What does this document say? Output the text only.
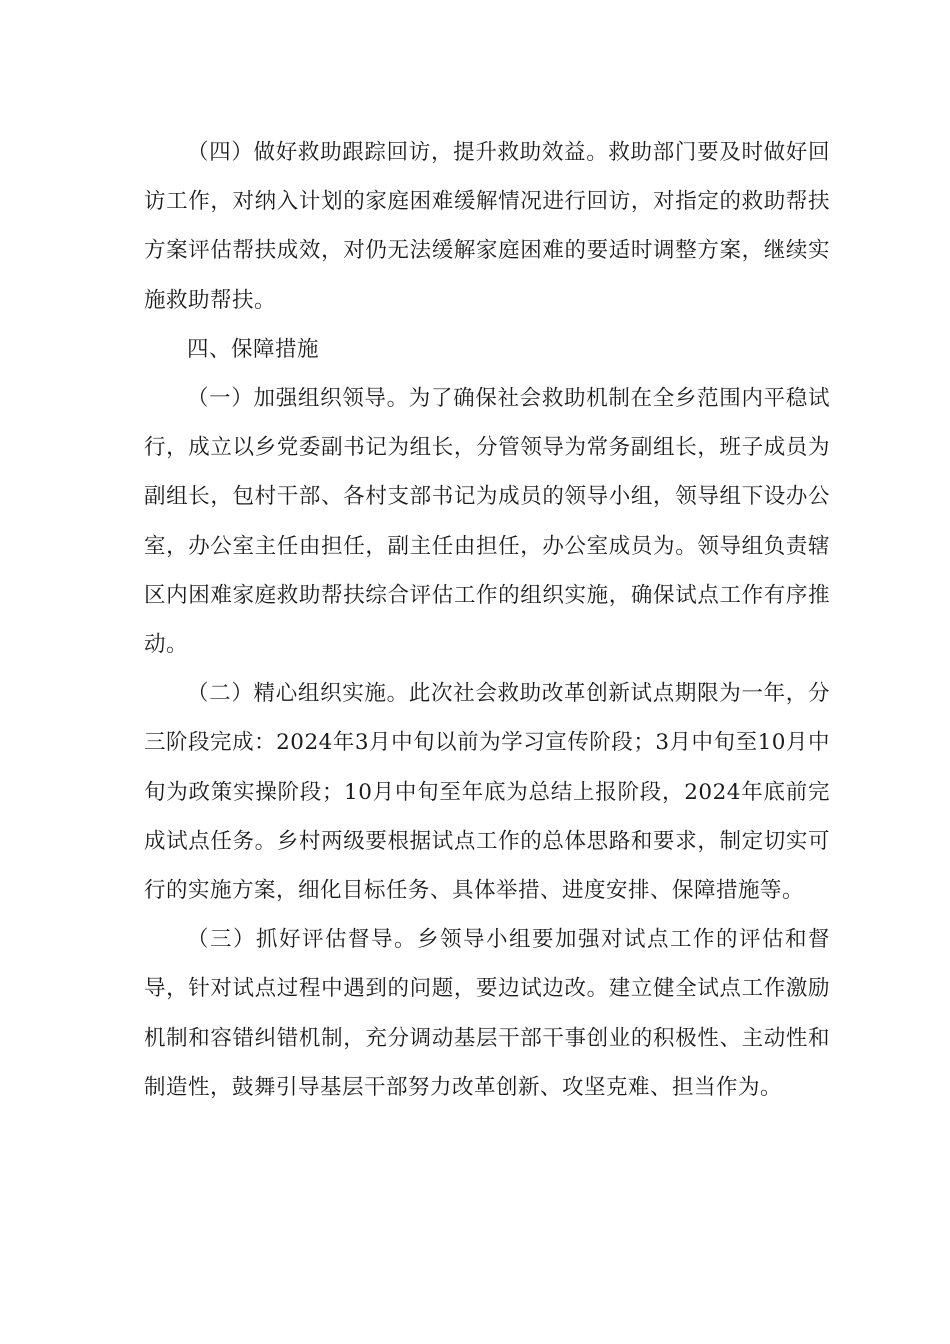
（四）做好救助跟踪回访，提升救助效益。救助部门要及时做好回访工作，对纳入计划的家庭困难缓解情况进行回访，对指定的救助帮扶方案评估帮扶成效，对仍无法缓解家庭困难的要适时调整方案，继续实施救助帮扶。

四、保障措施

（一）加强组织领导。为了确保社会救助机制在全乡范围内平稳试行，成立以乡党委副书记为组长，分管领导为常务副组长，班子成员为副组长，包村干部、各村支部书记为成员的领导小组，领导组下设办公室，办公室主任由担任，副主任由担任，办公室成员为。领导组负责辖区内困难家庭救助帮扶综合评估工作的组织实施，确保试点工作有序推动。

（二）精心组织实施。此次社会救助改革创新试点期限为一年，分三阶段完成：2024年3月中旬以前为学习宣传阶段；3月中旬至10月中旬为政策实操阶段；10月中旬至年底为总结上报阶段，2024年底前完成试点任务。乡村两级要根据试点工作的总体思路和要求，制定切实可行的实施方案，细化目标任务、具体举措、进度安排、保障措施等。

（三）抓好评估督导。乡领导小组要加强对试点工作的评估和督导，针对试点过程中遇到的问题，要边试边改。建立健全试点工作激励机制和容错纠错机制，充分调动基层干部干事创业的积极性、主动性和制造性，鼓舞引导基层干部努力改革创新、攻坚克难、担当作为。
